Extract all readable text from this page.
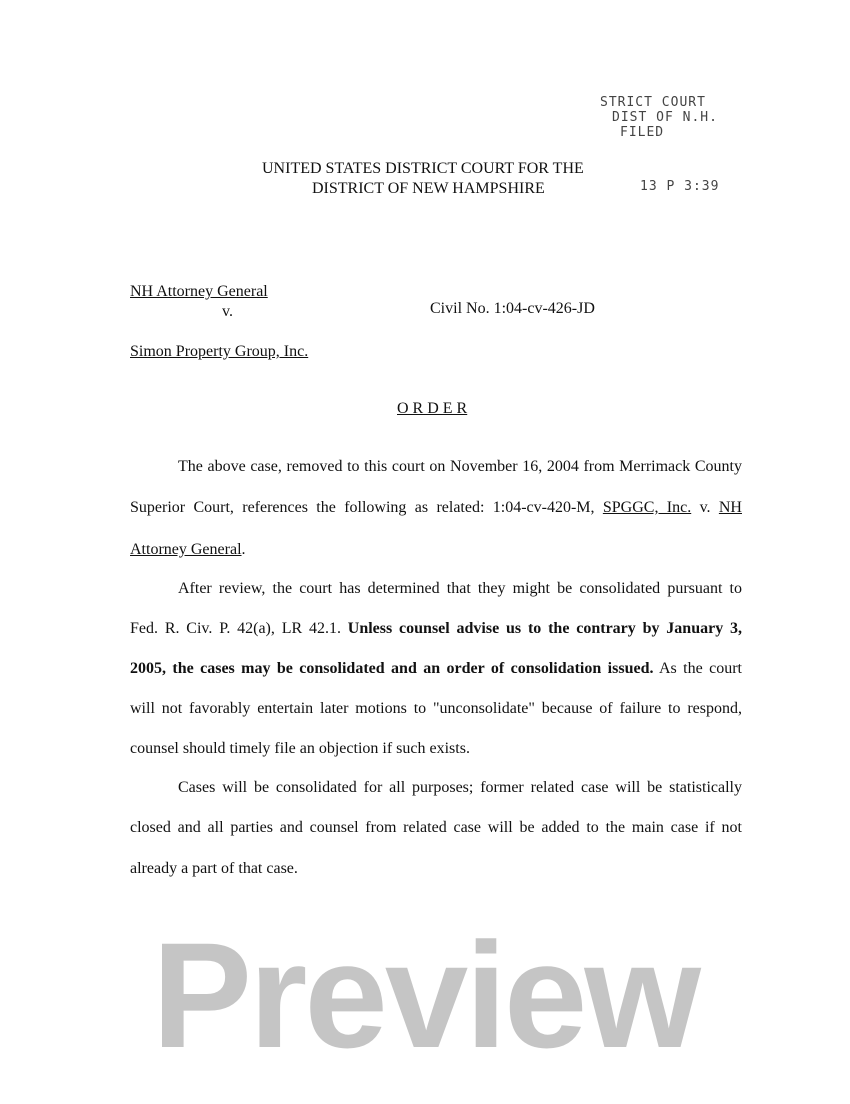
STRICT COURT
DIST OF N.H.
FILED
13 P 3:39
UNITED STATES DISTRICT COURT FOR THE
DISTRICT OF NEW HAMPSHIRE
NH Attorney General
v.	Civil No. 1:04-cv-426-JD
Simon Property Group, Inc.
O R D E R
The above case, removed to this court on November 16, 2004 from Merrimack County
Superior Court, references the following as related: 1:04-cv-420-M, SPGGC, Inc. v. NH
Attorney General.
After review, the court has determined that they might be consolidated pursuant to
Fed. R. Civ. P. 42(a), LR 42.1. Unless counsel advise us to the contrary by January 3,
2005, the cases may be consolidated and an order of consolidation issued. As the court
will not favorably entertain later motions to "unconsolidate" because of failure to respond,
counsel should timely file an objection if such exists.
Cases will be consolidated for all purposes; former related case will be statistically
closed and all parties and counsel from related case will be added to the main case if not
already a part of that case.
Preview
